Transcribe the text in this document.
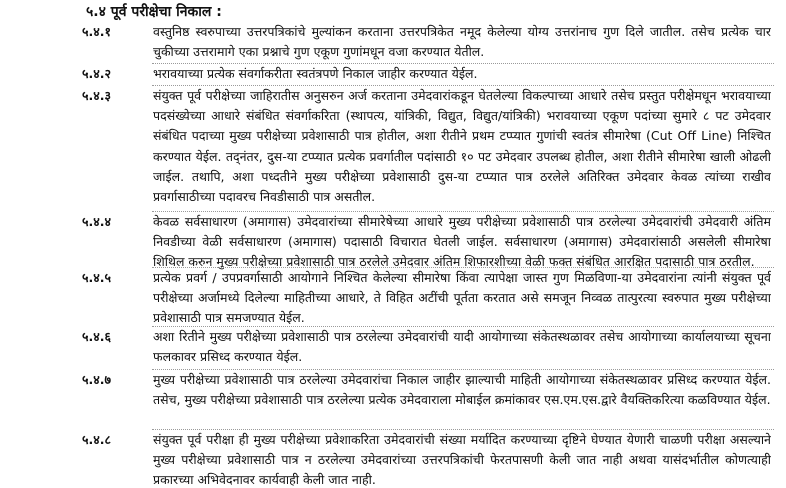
५.४ पूर्व परीक्षेचा निकाल :
५.४.१	वस्तुनिष्ठ स्वरुपाच्या उत्तरपत्रिकांचे मुल्यांकन करताना उत्तरपत्रिकेत नमूद केलेल्या योग्य उत्तरांनाच गुण दिले जातील. तसेच प्रत्येक चार चुकीच्या उत्तरामागे एका प्रश्नाचे गुण एकूण गुणांमधून वजा करण्यात येतील.
५.४.२	भरावयाच्या प्रत्येक संवर्गाकरीता स्वतंत्रपणे निकाल जाहीर करण्यात येईल.
५.४.३	संयुक्त पूर्व परीक्षेच्या जाहिरातीस अनुसरुन अर्ज करताना उमेदवारांकडून घेतलेल्या विकल्पाच्या आधारे तसेच प्रस्तुत परीक्षेमधून भरावयाच्या पदसंख्येच्या आधारे संबंधित संवर्गाकरिता (स्थापत्य, यांत्रिकी, विद्युत, विद्युत/यांत्रिकी) भरावयाच्या एकूण पदांच्या सुमारे ८ पट उमेदवार संबंधित पदाच्या मुख्य परीक्षेच्या प्रवेशासाठी पात्र होतील, अशा रीतीने प्रथम टप्प्यात गुणांची स्वतंत्र सीमारेषा (Cut Off Line) निश्चित करण्यात येईल. तद्नंतर, दुस-या टप्प्यात प्रत्येक प्रवर्गातील पदांसाठी १० पट उमेदवार उपलब्ध होतील, अशा रीतीने सीमारेषा खाली ओढली जाईल. तथापि, अशा पध्दतीने मुख्य परीक्षेच्या प्रवेशासाठी दुस-या टप्प्यात पात्र ठरलेले अतिरिक्त उमेदवार केवळ त्यांच्या राखीव प्रवर्गासाठीच्या पदावरच निवडीसाठी पात्र असतील.
५.४.४	केवळ सर्वसाधारण (अमागास) उमेदवारांच्या सीमारेषेच्या आधारे मुख्य परीक्षेच्या प्रवेशासाठी पात्र ठरलेल्या उमेदवारांची उमेदवारी अंतिम निवडीच्या वेळी सर्वसाधारण (अमागास) पदासाठी विचारात घेतली जाईल. सर्वसाधारण (अमागास) उमेदवारांसाठी असलेली सीमारेषा शिथिल करुन मुख्य परीक्षेच्या प्रवेशासाठी पात्र ठरलेले उमेदवार अंतिम शिफारशीच्या वेळी फक्त संबंधित आरक्षित पदासाठी पात्र ठरतील.
५.४.५	प्रत्येक प्रवर्ग / उपप्रवर्गासाठी आयोगाने निश्चित केलेल्या सीमारेषा किंवा त्यापेक्षा जास्त गुण मिळविणा-या उमेदवारांना त्यांनी संयुक्त पूर्व परीक्षेच्या अर्जामध्ये दिलेल्या माहितीच्या आधारे, ते विहित अटींची पूर्तता करतात असे समजून निव्वळ तात्पुरत्या स्वरुपात मुख्य परीक्षेच्या प्रवेशासाठी पात्र समजण्यात येईल.
५.४.६	अशा रितीने मुख्य परीक्षेच्या प्रवेशासाठी पात्र ठरलेल्या उमेदवारांची यादी आयोगाच्या संकेतस्थळावर तसेच आयोगाच्या कार्यालयाच्या सूचना फलकावर प्रसिध्द करण्यात येईल.
५.४.७	मुख्य परीक्षेच्या प्रवेशासाठी पात्र ठरलेल्या उमेदवारांचा निकाल जाहीर झाल्याची माहिती आयोगाच्या संकेतस्थळावर प्रसिध्द करण्यात येईल. तसेच, मुख्य परीक्षेच्या प्रवेशासाठी पात्र ठरलेल्या प्रत्येक उमेदवाराला मोबाईल क्रमांकावर एस.एम.एस.द्वारे वैयक्तिकरित्या कळविण्यात येईल.
५.४.८	संयुक्त पूर्व परीक्षा ही मुख्य परीक्षेच्या प्रवेशाकरिता उमेदवारांची संख्या मर्यादित करण्याच्या दृष्टिने घेण्यात येणारी चाळणी परीक्षा असल्याने मुख्य परीक्षेच्या प्रवेशासाठी पात्र न ठरलेल्या उमेदवारांच्या उत्तरपत्रिकांची फेरतपासणी केली जात नाही अथवा यासंदर्भातील कोणत्याही प्रकारच्या अभिवेदनावर कार्यवाही केली जात नाही.
